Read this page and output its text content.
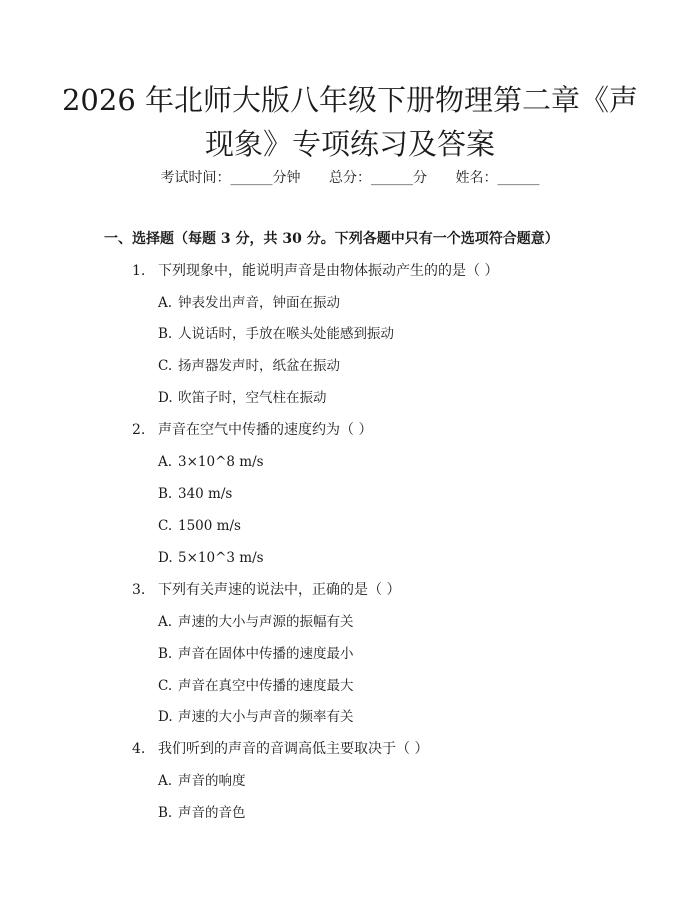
2026 年北师大版八年级下册物理第二章《声
现象》专项练习及答案
考试时间：______分钟 总分：______分 姓名：______
一、选择题（每题 3 分，共 30 分。下列各题中只有一个选项符合题意）
1. 下列现象中，能说明声音是由物体振动产生的的是（ ）
A. 钟表发出声音，钟面在振动
B. 人说话时，手放在喉头处能感到振动
C. 扬声器发声时，纸盆在振动
D. 吹笛子时，空气柱在振动
2. 声音在空气中传播的速度约为（ ）
A. 3×10^8 m/s
B. 340 m/s
C. 1500 m/s
D. 5×10^3 m/s
3. 下列有关声速的说法中，正确的是（ ）
A. 声速的大小与声源的振幅有关
B. 声音在固体中传播的速度最小
C. 声音在真空中传播的速度最大
D. 声速的大小与声音的频率有关
4. 我们听到的声音的音调高低主要取决于（ ）
A. 声音的响度
B. 声音的音色
